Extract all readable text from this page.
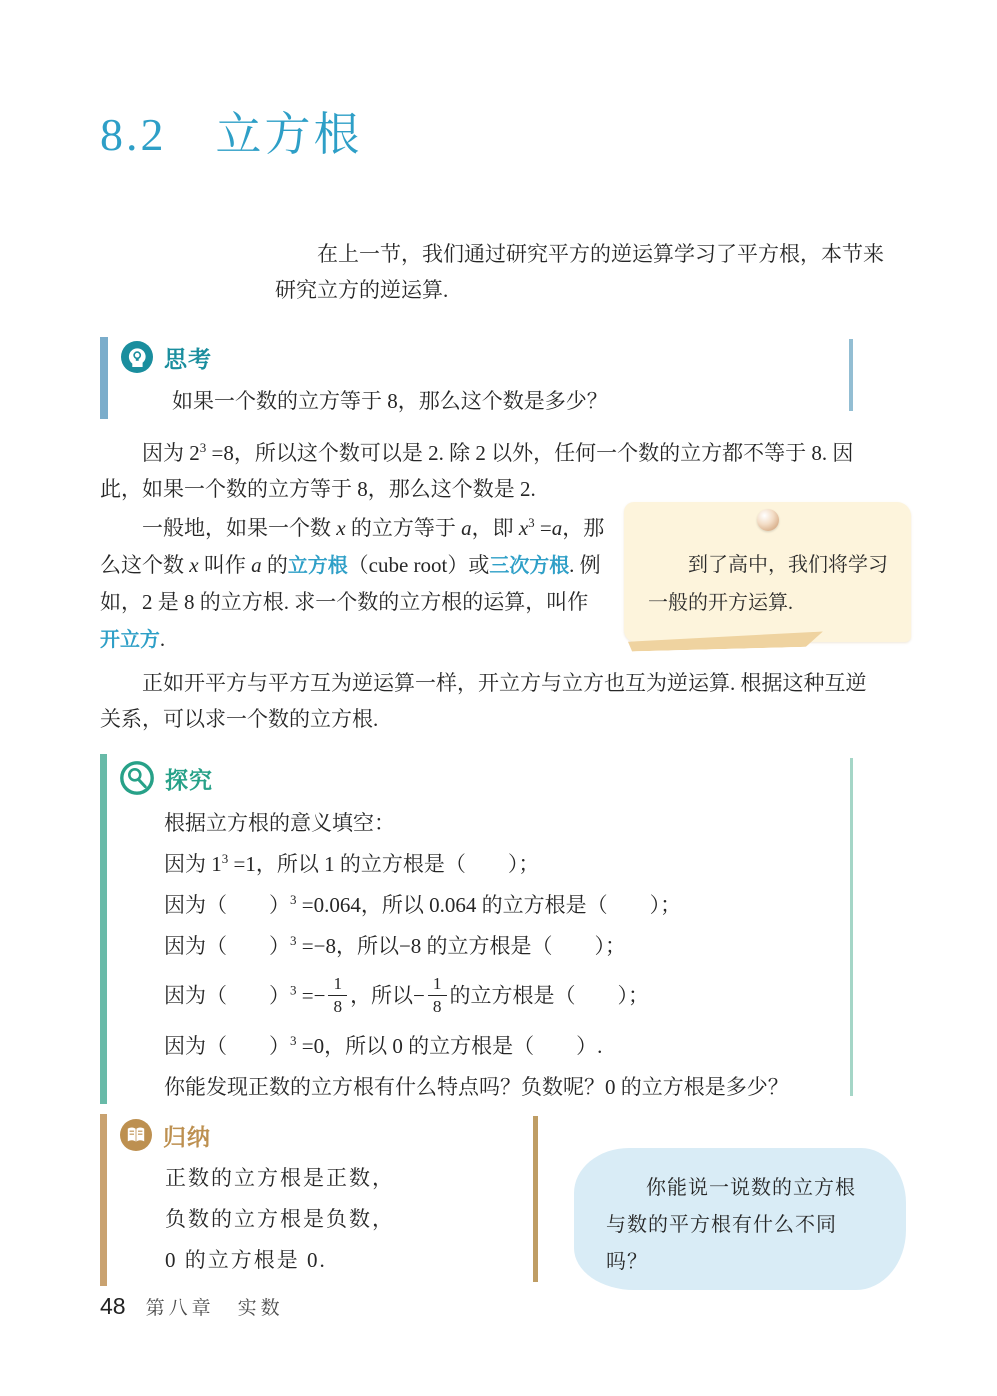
8.2　立方根
在上一节，我们通过研究平方的逆运算学习了平方根，本节来研究立方的逆运算.
思考
如果一个数的立方等于 8，那么这个数是多少？
因为 $2^3 =8$，所以这个数可以是 2. 除 2 以外，任何一个数的立方都不等于 8. 因此，如果一个数的立方等于 8，那么这个数是 2.
到了高中，我们将学习一般的开方运算.
一般地，如果一个数 x 的立方等于 a，即 $x^3 =a$，那么这个数 x 叫作 a 的立方根（cube root）或三次方根. 例如，2 是 8 的立方根. 求一个数的立方根的运算，叫作开立方.
正如开平方与平方互为逆运算一样，开立方与立方也互为逆运算. 根据这种互逆关系，可以求一个数的立方根.
探究
根据立方根的意义填空：
因为 $1^3 =1$，所以 1 的立方根是（　　）；
因为（　　）$^3$ =0.064，所以 0.064 的立方根是（　　）；
因为（　　）$^3$ =−8，所以−8 的立方根是（　　）；
因为（　　）$^3 =- \frac{1}{8}$ ，所以− $\frac{1}{8}$ 的立方根是（　　）；
因为（　　）$^3$ =0，所以 0 的立方根是（　　）.
你能发现正数的立方根有什么特点吗？负数呢？0 的立方根是多少？
归纳
正数的立方根是正数，
负数的立方根是负数，
0 的立方根是 0.
你能说一说数的立方根与数的平方根有什么不同吗？
48 第八章　实数
